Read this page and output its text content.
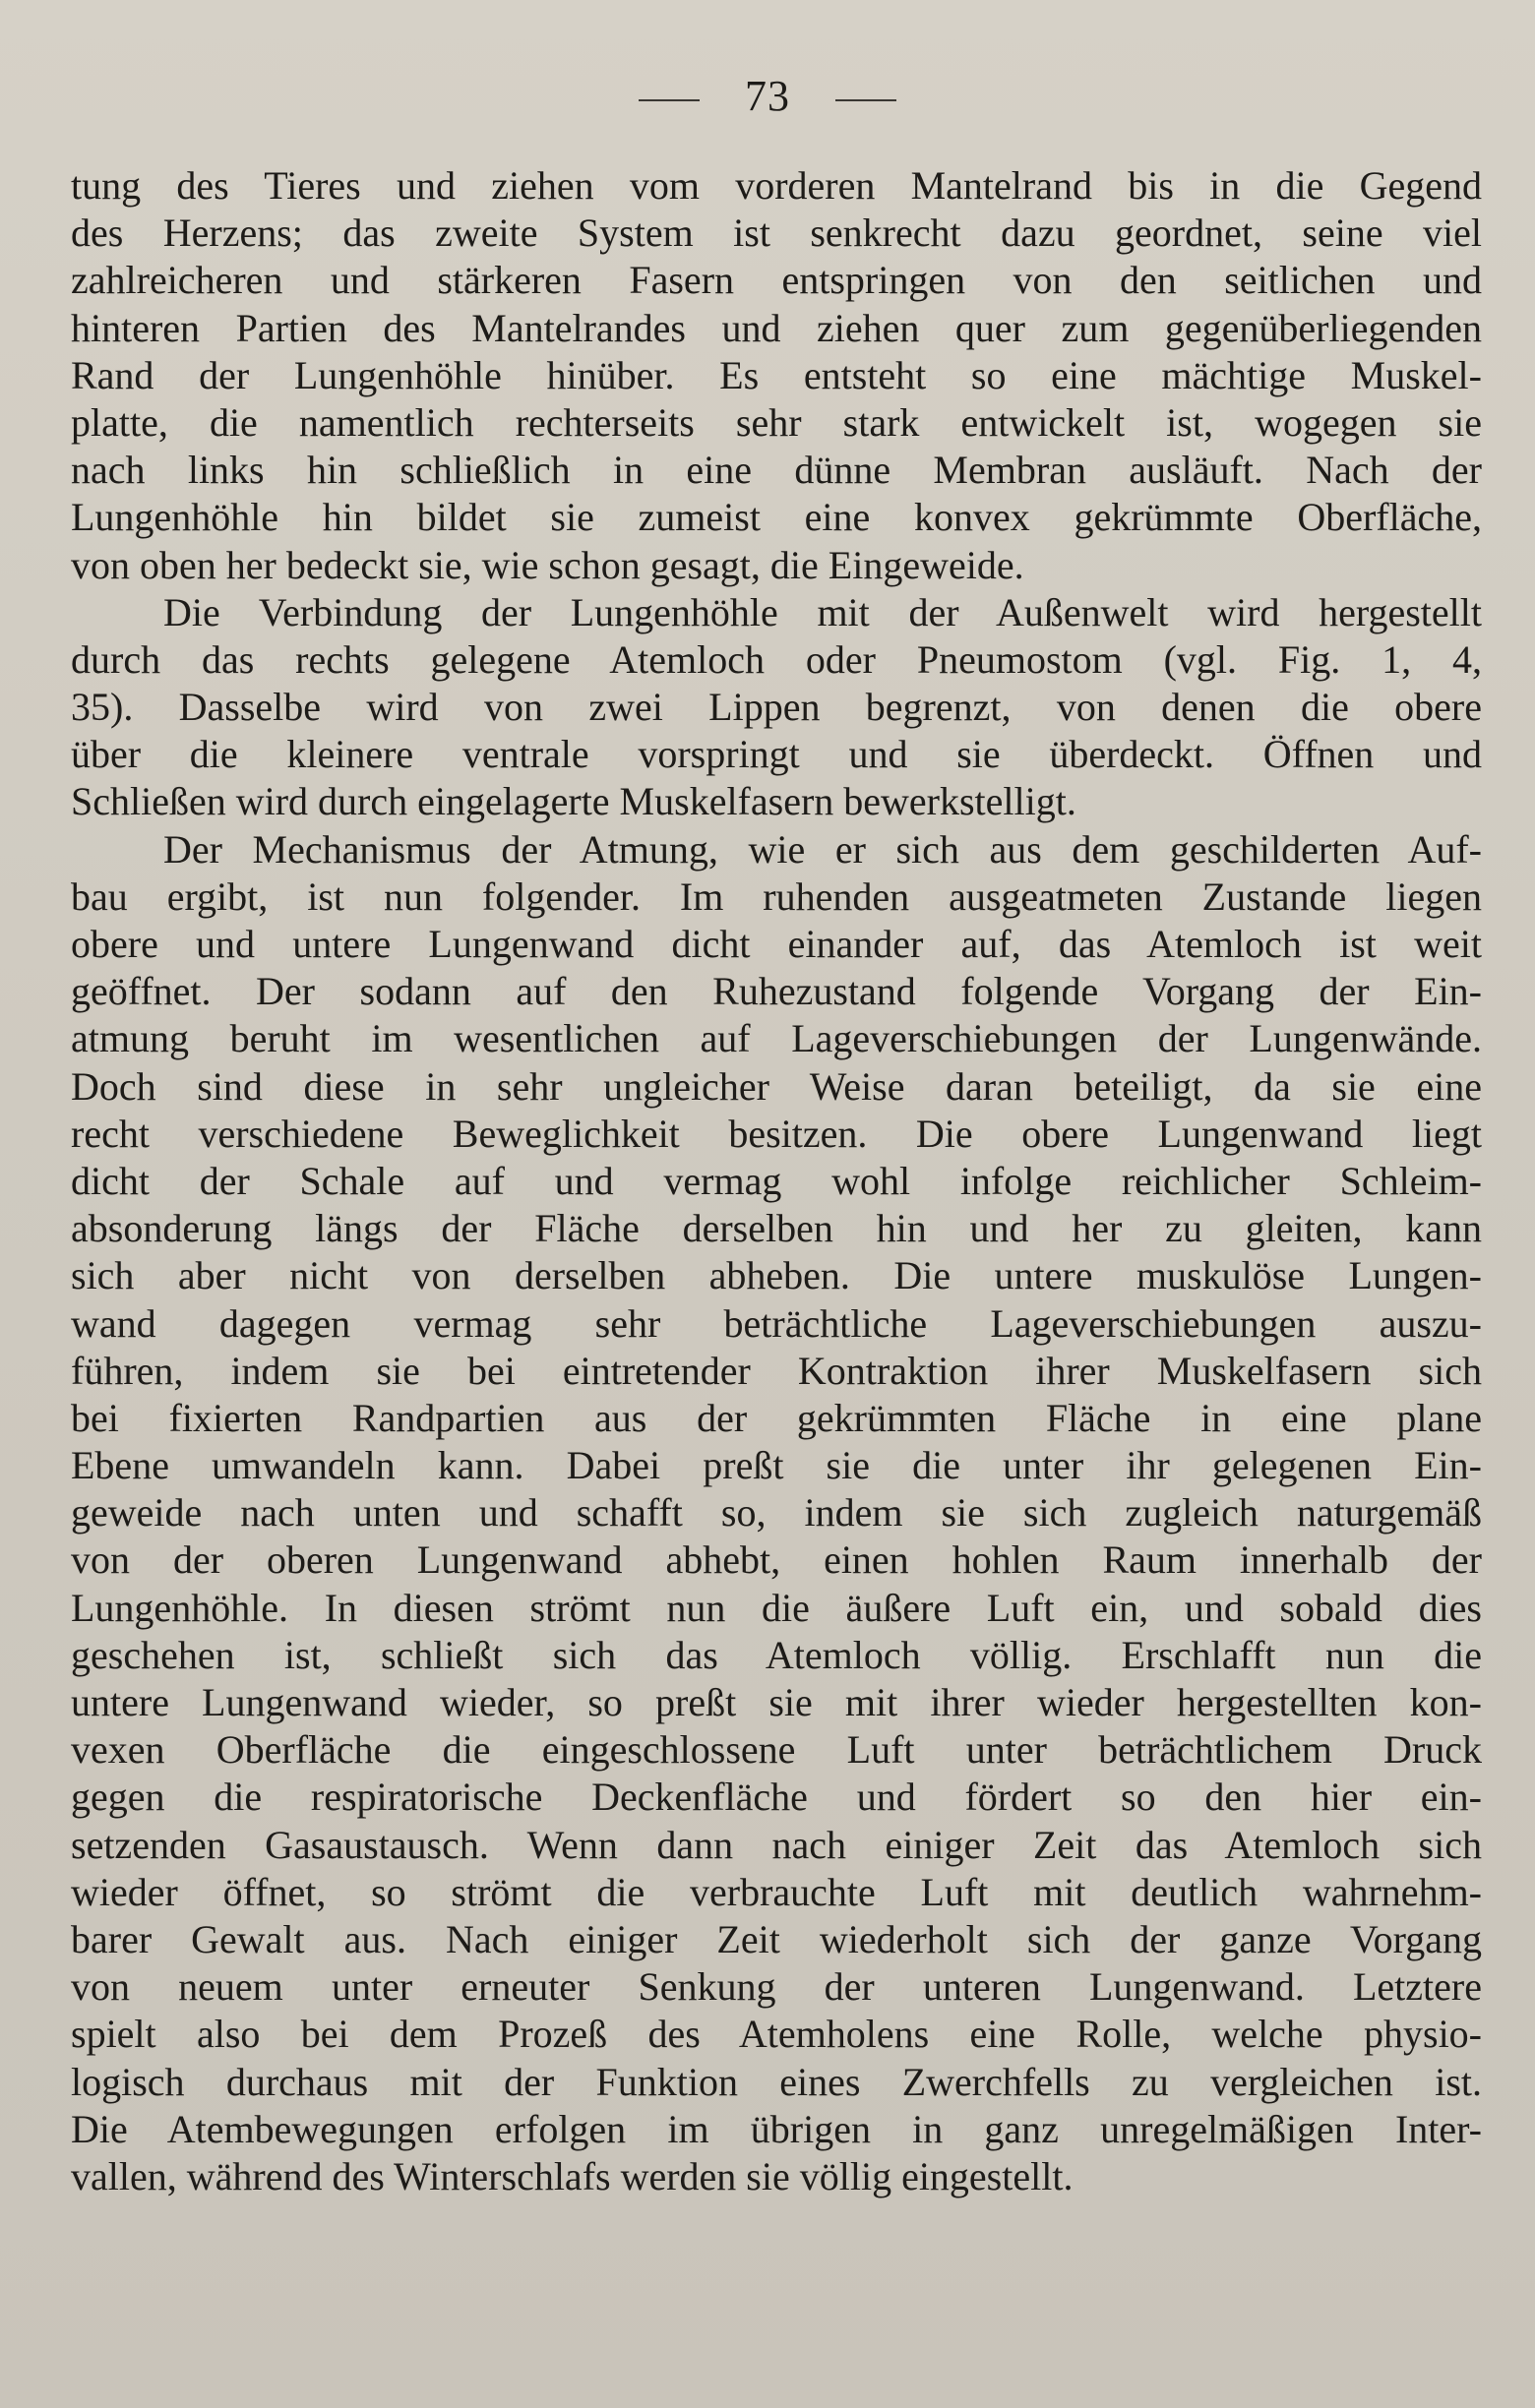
73
tung des Tieres und ziehen vom vorderen Mantelrand bis in die Gegend
des Herzens; das zweite System ist senkrecht dazu geordnet, seine viel
zahlreicheren und stärkeren Fasern entspringen von den seitlichen und
hinteren Partien des Mantelrandes und ziehen quer zum gegenüberliegenden
Rand der Lungenhöhle hinüber. Es entsteht so eine mächtige Muskel-
platte, die namentlich rechterseits sehr stark entwickelt ist, wogegen sie
nach links hin schließlich in eine dünne Membran ausläuft. Nach der
Lungenhöhle hin bildet sie zumeist eine konvex gekrümmte Oberfläche,
von oben her bedeckt sie, wie schon gesagt, die Eingeweide.
Die Verbindung der Lungenhöhle mit der Außenwelt wird hergestellt
durch das rechts gelegene Atemloch oder Pneumostom (vgl. Fig. 1, 4,
35). Dasselbe wird von zwei Lippen begrenzt, von denen die obere
über die kleinere ventrale vorspringt und sie überdeckt. Öffnen und
Schließen wird durch eingelagerte Muskelfasern bewerkstelligt.
Der Mechanismus der Atmung, wie er sich aus dem geschilderten Auf-
bau ergibt, ist nun folgender. Im ruhenden ausgeatmeten Zustande liegen
obere und untere Lungenwand dicht einander auf, das Atemloch ist weit
geöffnet. Der sodann auf den Ruhezustand folgende Vorgang der Ein-
atmung beruht im wesentlichen auf Lageverschiebungen der Lungenwände.
Doch sind diese in sehr ungleicher Weise daran beteiligt, da sie eine
recht verschiedene Beweglichkeit besitzen. Die obere Lungenwand liegt
dicht der Schale auf und vermag wohl infolge reichlicher Schleim-
absonderung längs der Fläche derselben hin und her zu gleiten, kann
sich aber nicht von derselben abheben. Die untere muskulöse Lungen-
wand dagegen vermag sehr beträchtliche Lageverschiebungen auszu-
führen, indem sie bei eintretender Kontraktion ihrer Muskelfasern sich
bei fixierten Randpartien aus der gekrümmten Fläche in eine plane
Ebene umwandeln kann. Dabei preßt sie die unter ihr gelegenen Ein-
geweide nach unten und schafft so, indem sie sich zugleich naturgemäß
von der oberen Lungenwand abhebt, einen hohlen Raum innerhalb der
Lungenhöhle. In diesen strömt nun die äußere Luft ein, und sobald dies
geschehen ist, schließt sich das Atemloch völlig. Erschlafft nun die
untere Lungenwand wieder, so preßt sie mit ihrer wieder hergestellten kon-
vexen Oberfläche die eingeschlossene Luft unter beträchtlichem Druck
gegen die respiratorische Deckenfläche und fördert so den hier ein-
setzenden Gasaustausch. Wenn dann nach einiger Zeit das Atemloch sich
wieder öffnet, so strömt die verbrauchte Luft mit deutlich wahrnehm-
barer Gewalt aus. Nach einiger Zeit wiederholt sich der ganze Vorgang
von neuem unter erneuter Senkung der unteren Lungenwand. Letztere
spielt also bei dem Prozeß des Atemholens eine Rolle, welche physio-
logisch durchaus mit der Funktion eines Zwerchfells zu vergleichen ist.
Die Atembewegungen erfolgen im übrigen in ganz unregelmäßigen Inter-
vallen, während des Winterschlafs werden sie völlig eingestellt.
